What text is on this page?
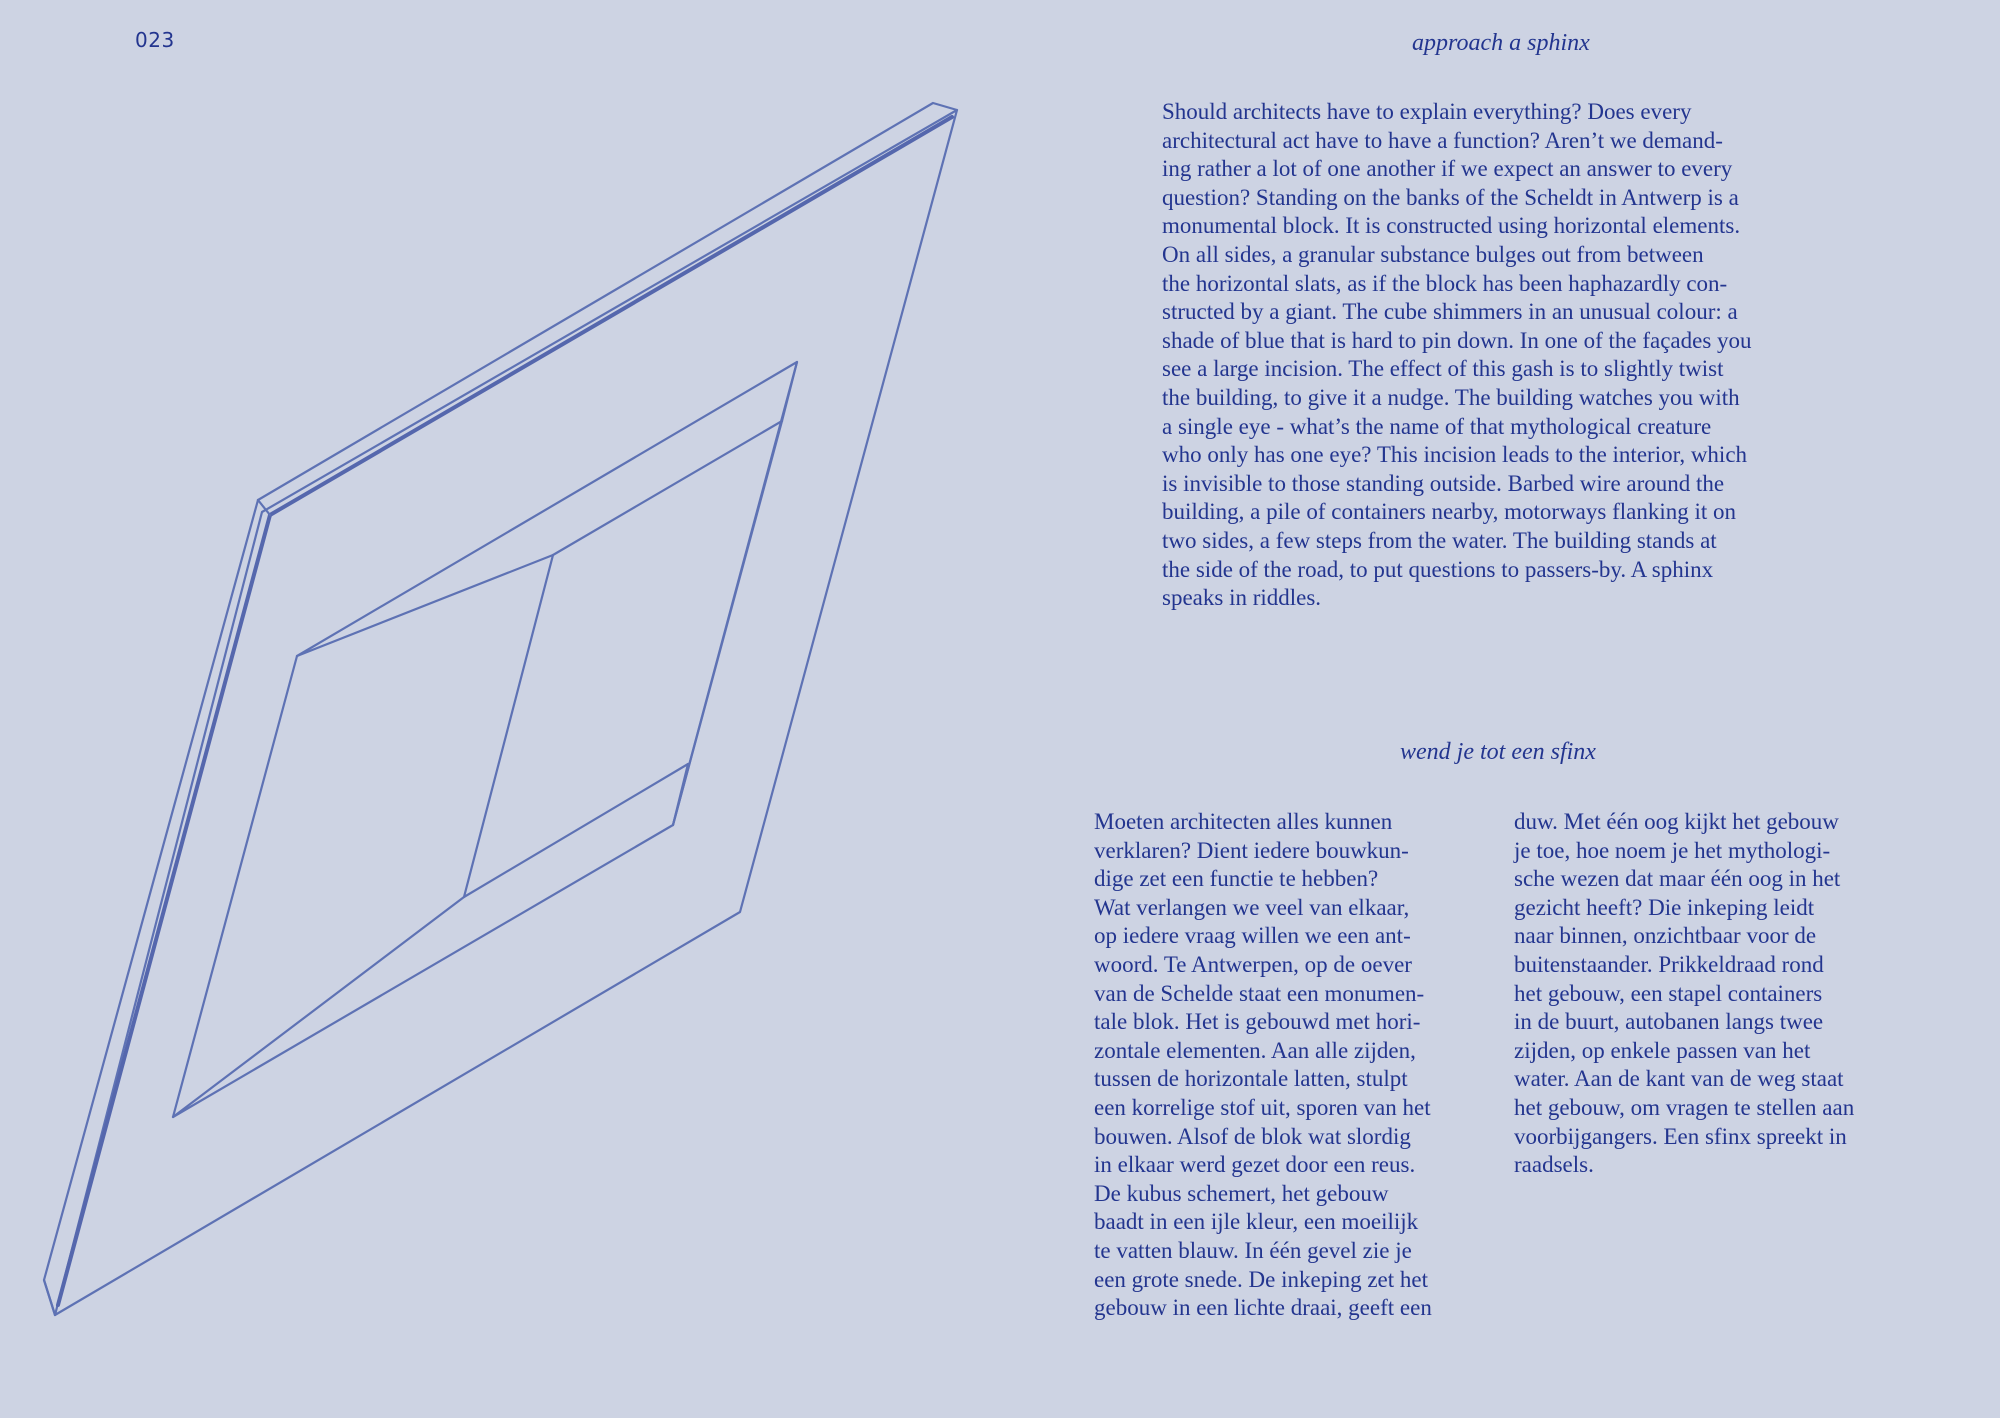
023	approach a sphinx
Should architects have to explain everything? Does every
architectural act have to have a function? Aren’t we demand-
ing rather a lot of one another if we expect an answer to every
question? Standing on the banks of the Scheldt in Antwerp is a
monumental block. It is constructed using horizontal elements.
On all sides, a granular substance bulges out from between
the horizontal slats, as if the block has been haphazardly con-
structed by a giant. The cube shimmers in an unusual colour: a
shade of blue that is hard to pin down. In one of the façades you
see a large incision. The effect of this gash is to slightly twist
the building, to give it a nudge. The building watches you with
a single eye - what’s the name of that mythological creature
who only has one eye? This incision leads to the interior, which
is invisible to those standing outside. Barbed wire around the
building, a pile of containers nearby, motorways flanking it on
two sides, a few steps from the water. The building stands at
the side of the road, to put questions to passers-by. A sphinx
speaks in riddles.
wend je tot een sfinx
Moeten architecten alles kunnen
verklaren? Dient iedere bouwkun-
dige zet een functie te hebben?
Wat verlangen we veel van elkaar,
op iedere vraag willen we een ant-
woord. Te Antwerpen, op de oever
van de Schelde staat een monumen-
tale blok. Het is gebouwd met hori-
zontale elementen. Aan alle zijden,
tussen de horizontale latten, stulpt
een korrelige stof uit, sporen van het
bouwen. Alsof de blok wat slordig
in elkaar werd gezet door een reus.
De kubus schemert, het gebouw
baadt in een ijle kleur, een moeilijk
te vatten blauw. In één gevel zie je
een grote snede. De inkeping zet het
gebouw in een lichte draai, geeft een
duw. Met één oog kijkt het gebouw
je toe, hoe noem je het mythologi-
sche wezen dat maar één oog in het
gezicht heeft? Die inkeping leidt
naar binnen, onzichtbaar voor de
buitenstaander. Prikkeldraad rond
het gebouw, een stapel containers
in de buurt, autobanen langs twee
zijden, op enkele passen van het
water. Aan de kant van de weg staat
het gebouw, om vragen te stellen aan
voorbijgangers. Een sfinx spreekt in
raadsels.
